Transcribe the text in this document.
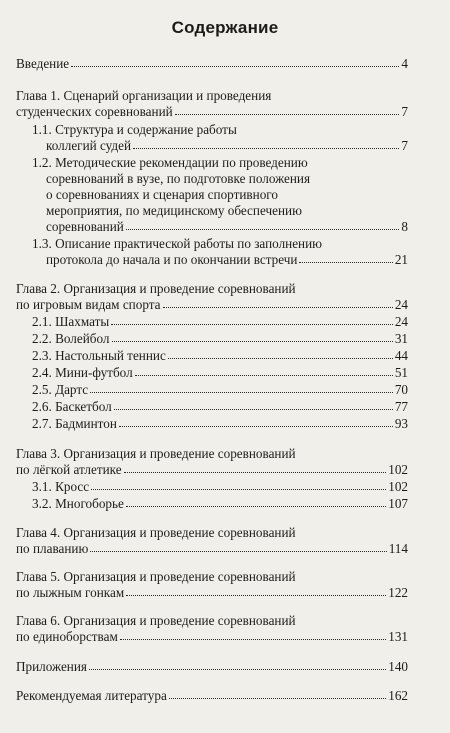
Содержание
Введение	4
Глава 1. Сценарий организации и проведения
студенческих соревнований	7
1.1. Структура и содержание работы
коллегий судей	7
1.2. Методические рекомендации по проведению
соревнований в вузе, по подготовке положения
о соревнованиях и сценария спортивного
мероприятия, по медицинскому обеспечению
соревнований	8
1.3. Описание практической работы по заполнению
протокола до начала и по окончании встречи	21
Глава 2. Организация и проведение соревнований
по игровым видам спорта	24
2.1. Шахматы	24
2.2. Волейбол	31
2.3. Настольный теннис	44
2.4. Мини-футбол	51
2.5. Дартс	70
2.6. Баскетбол	77
2.7. Бадминтон	93
Глава 3. Организация и проведение соревнований
по лёгкой атлетике	102
3.1. Кросс	102
3.2. Многоборье	107
Глава 4. Организация и проведение соревнований
по плаванию	114
Глава 5. Организация и проведение соревнований
по лыжным гонкам	122
Глава 6. Организация и проведение соревнований
по единоборствам	131
Приложения	140
Рекомендуемая литература	162
